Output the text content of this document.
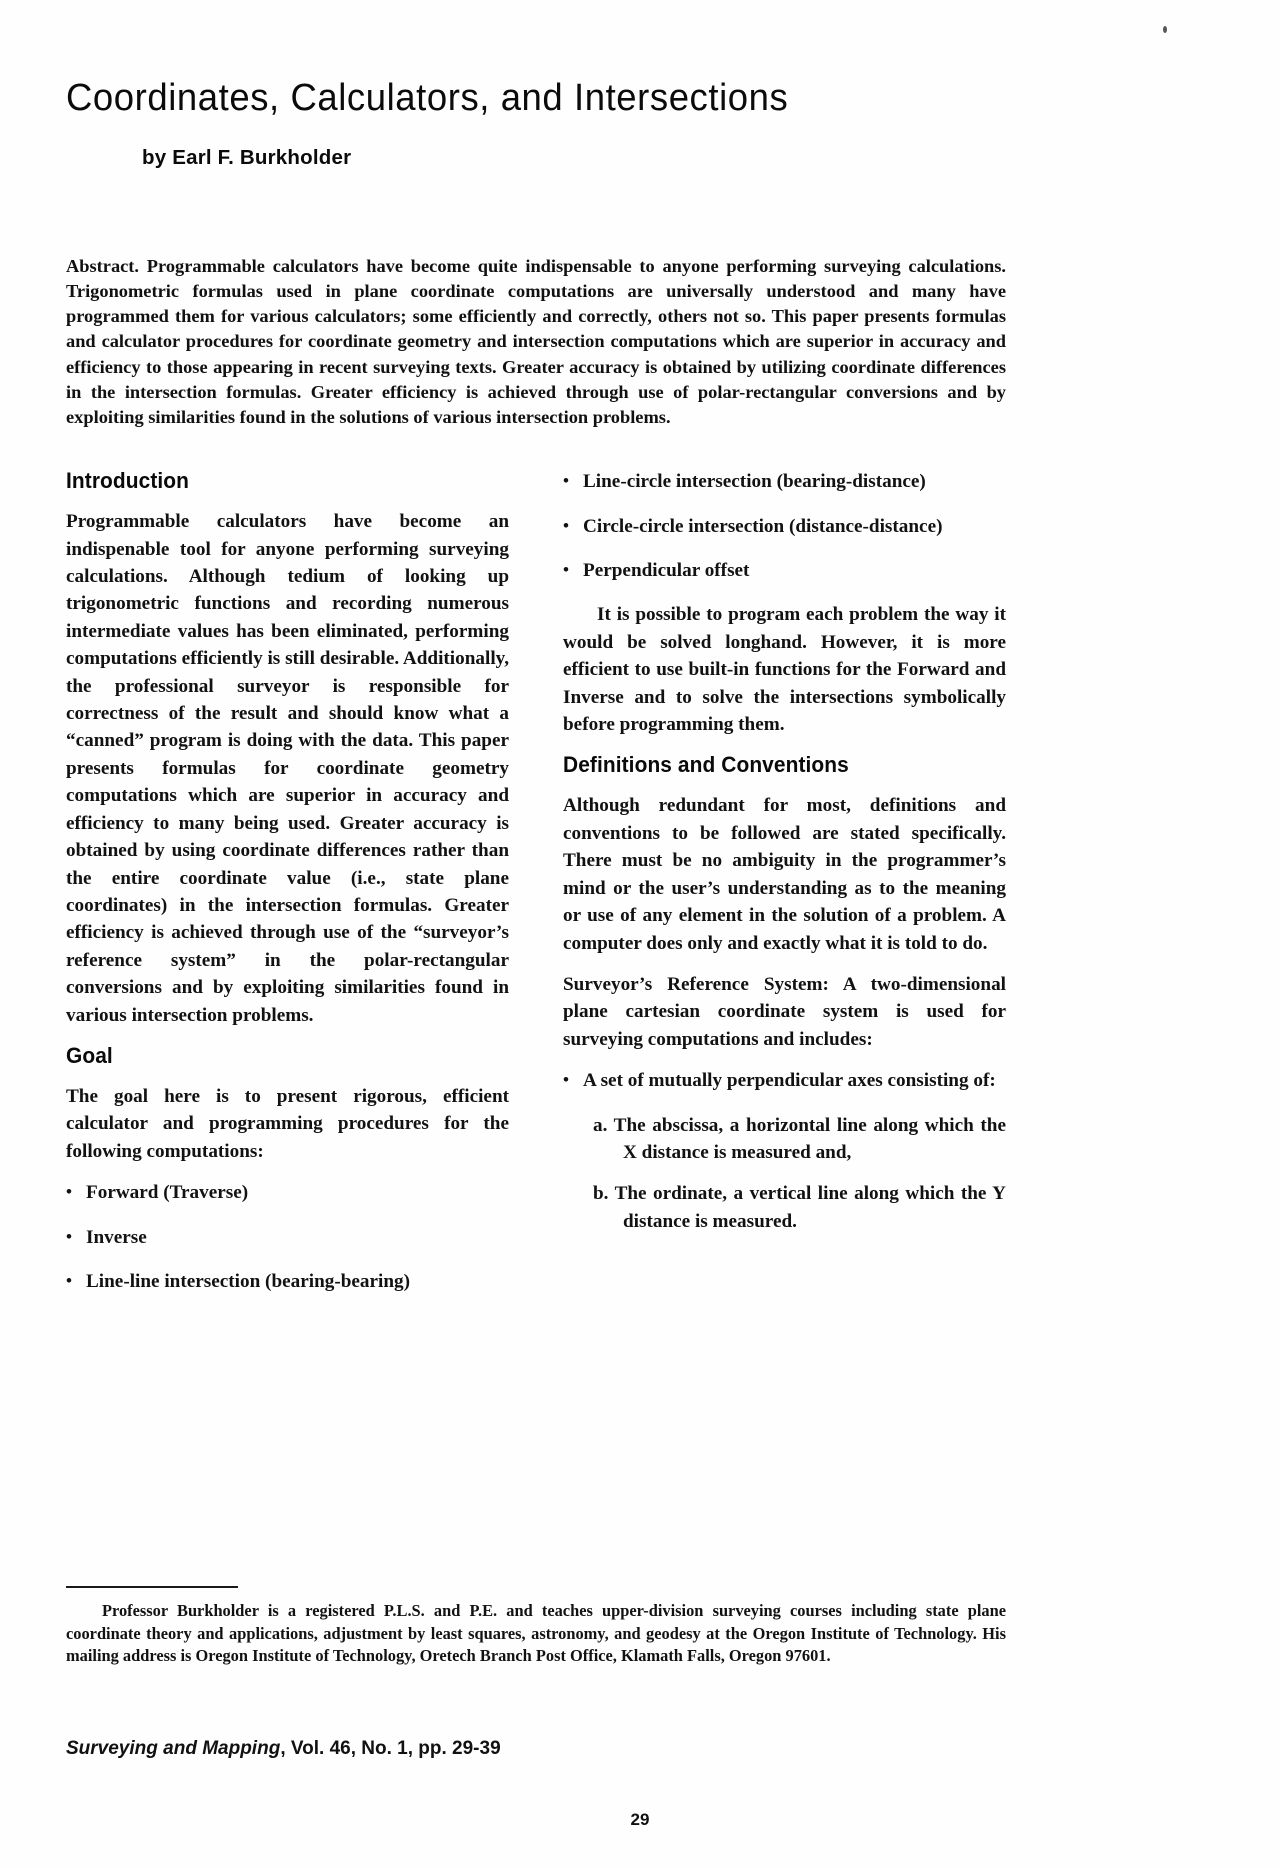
Coordinates, Calculators, and Intersections
by Earl F. Burkholder

Abstract. Programmable calculators have become quite indispensable to anyone performing surveying calculations. Trigonometric formulas used in plane coordinate computations are universally understood and many have programmed them for various calculators; some efficiently and correctly, others not so. This paper presents formulas and calculator procedures for coordinate geometry and intersection computations which are superior in accuracy and efficiency to those appearing in recent surveying texts. Greater accuracy is obtained by utilizing coordinate differences in the intersection formulas. Greater efficiency is achieved through use of polar-rectangular conversions and by exploiting similarities found in the solutions of various intersection problems.

Introduction

Programmable calculators have become an indispenable tool for anyone performing surveying calculations. Although tedium of looking up trigonometric functions and recording numerous intermediate values has been eliminated, performing computations efficiently is still desirable. Additionally, the professional surveyor is responsible for correctness of the result and should know what a “canned” program is doing with the data. This paper presents formulas for coordinate geometry computations which are superior in accuracy and efficiency to many being used. Greater accuracy is obtained by using coordinate differences rather than the entire coordinate value (i.e., state plane coordinates) in the intersection formulas. Greater efficiency is achieved through use of the “surveyor’s reference system” in the polar-rectangular conversions and by exploiting similarities found in various intersection problems.

Goal

The goal here is to present rigorous, efficient calculator and programming procedures for the following computations:

• Forward (Traverse)
• Inverse
• Line-line intersection (bearing-bearing)
• Line-circle intersection (bearing-distance)
• Circle-circle intersection (distance-distance)
• Perpendicular offset

It is possible to program each problem the way it would be solved longhand. However, it is more efficient to use built-in functions for the Forward and Inverse and to solve the intersections symbolically before programming them.

Definitions and Conventions

Although redundant for most, definitions and conventions to be followed are stated specifically. There must be no ambiguity in the programmer’s mind or the user’s understanding as to the meaning or use of any element in the solution of a problem. A computer does only and exactly what it is told to do.

Surveyor’s Reference System: A two-dimensional plane cartesian coordinate system is used for surveying computations and includes:

• A set of mutually perpendicular axes consisting of:

a. The abscissa, a horizontal line along which the X distance is measured and,

b. The ordinate, a vertical line along which the Y distance is measured.

Professor Burkholder is a registered P.L.S. and P.E. and teaches upper-division surveying courses including state plane coordinate theory and applications, adjustment by least squares, astronomy, and geodesy at the Oregon Institute of Technology. His mailing address is Oregon Institute of Technology, Oretech Branch Post Office, Klamath Falls, Oregon 97601.

Surveying and Mapping, Vol. 46, No. 1, pp. 29-39
29
